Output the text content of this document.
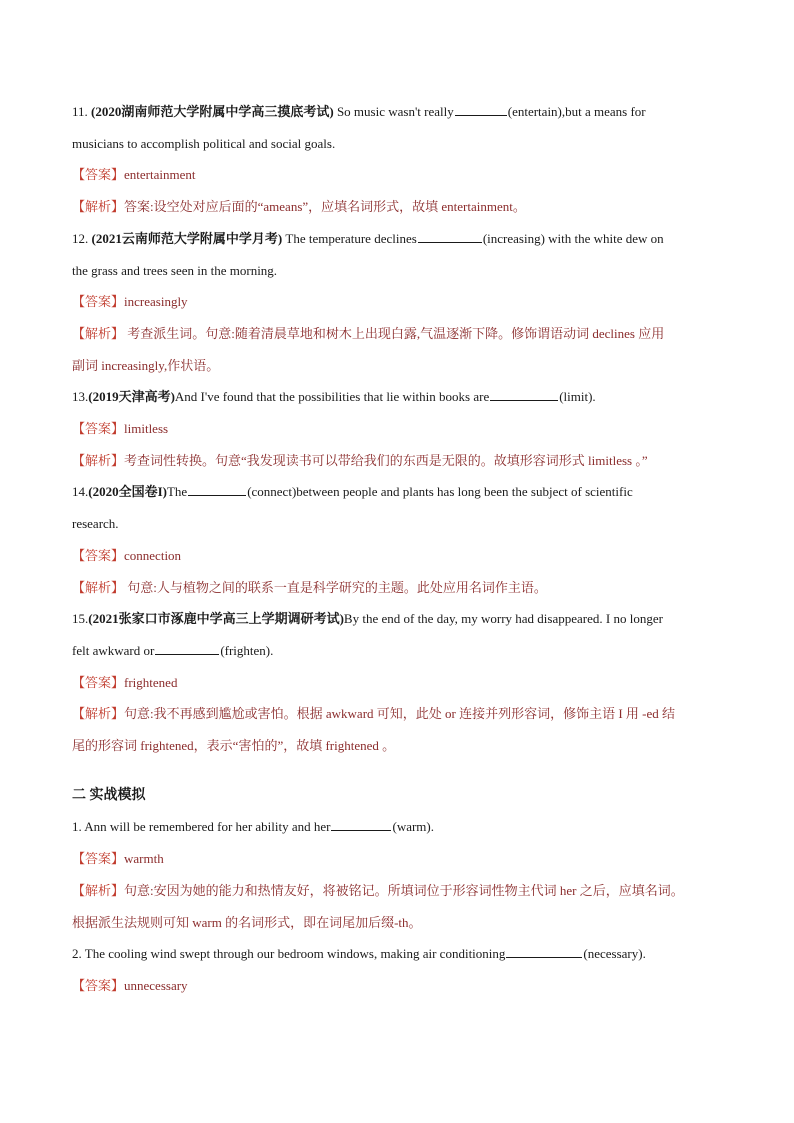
11. (2020湖南师范大学附属中学高三摸底考试) So music wasn't really	(entertain),but a means for
musicians to accomplish political and social goals.
【答案】entertainment
【解析】答案:设空处对应后面的“ameans”，应填名词形式，故填 entertainment。
12. (2021云南师范大学附属中学月考) The temperature declines	(increasing) with the white dew on
the grass and trees seen in the morning.
【答案】increasingly
【解析】 考查派生词。句意:随着清晨草地和树木上出现白露,气温逐渐下降。修饰谓语动词 declines 应用
副词 increasingly,作状语。
13.(2019天津高考)And I've found that the possibilities that lie within books are	(limit).
【答案】limitless
【解析】考查词性转换。句意“我发现读书可以带给我们的东西是无限的。故填形容词形式 limitless 。”
14.(2020全国卷I)The	(connect)between people and plants has long been the subject of scientific
research.
【答案】connection
【解析】 句意:人与植物之间的联系一直是科学研究的主题。此处应用名词作主语。
15.(2021张家口市涿鹿中学高三上学期调研考试)By the end of the day, my worry had disappeared. I no longer
felt awkward or	(frighten).
【答案】frightened
【解析】句意:我不再感到尴尬或害怕。根据 awkward 可知，此处 or 连接并列形容词，修饰主语 I 用 -ed 结
尾的形容词 frightened，表示“害怕的”，故填 frightened 。
二 实战模拟
1. Ann will be remembered for her ability and her	(warm).
【答案】warmth
【解析】句意:安因为她的能力和热情友好，将被铭记。所填词位于形容词性物主代词 her 之后，应填名词。
根据派生法规则可知 warm 的名词形式，即在词尾加后缀-th。
2. The cooling wind swept through our bedroom windows, making air conditioning	(necessary).
【答案】unnecessary
